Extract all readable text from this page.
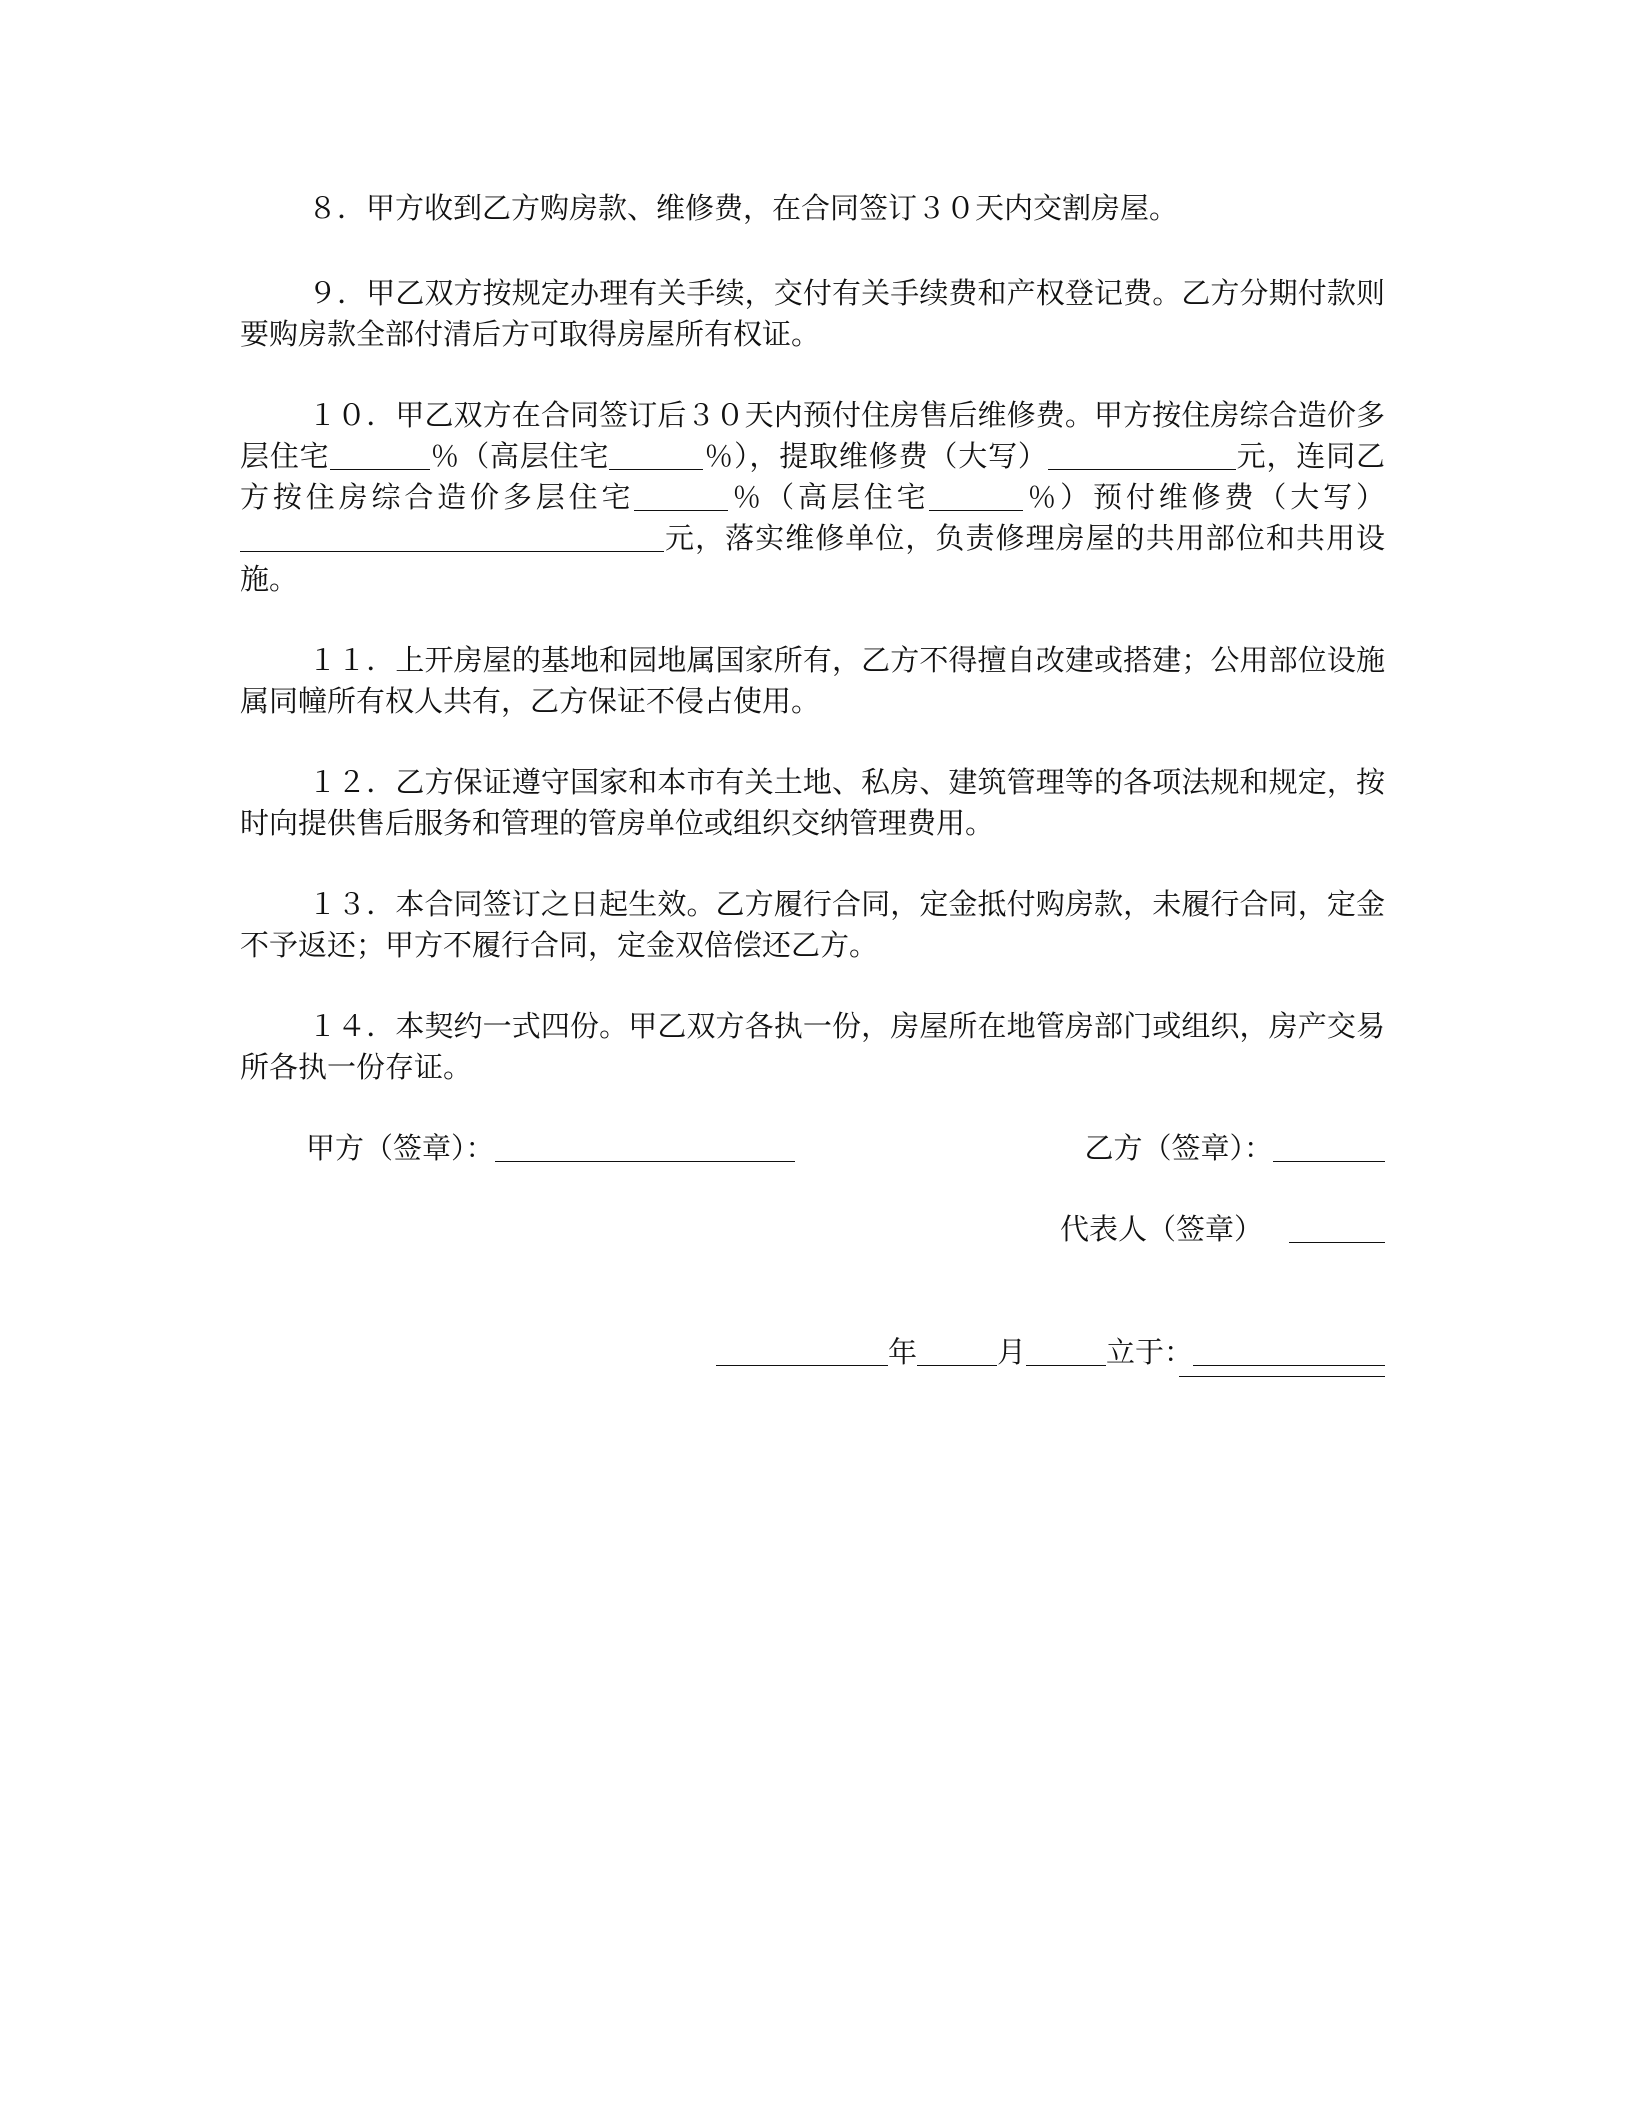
８．甲方收到乙方购房款、维修费，在合同签订３０天内交割房屋。

９．甲乙双方按规定办理有关手续，交付有关手续费和产权登记费。乙方分期付款则要购房款全部付清后方可取得房屋所有权证。

１０．甲乙双方在合同签订后３０天内预付住房售后维修费。甲方按住房综合造价多层住宅	％（高层住宅	％），提取维修费（大写）	元，连同乙方按住房综合造价多层住宅	％（高层住宅	％）预付维修费（大写）元，落实维修单位，负责修理房屋的共用部位和共用设施。

１１．上开房屋的基地和园地属国家所有，乙方不得擅自改建或搭建；公用部位设施属同幢所有权人共有，乙方保证不侵占使用。

１２．乙方保证遵守国家和本市有关土地、私房、建筑管理等的各项法规和规定，按时向提供售后服务和管理的管房单位或组织交纳管理费用。

１３．本合同签订之日起生效。乙方履行合同，定金抵付购房款，未履行合同，定金不予返还；甲方不履行合同，定金双倍偿还乙方。

１４．本契约一式四份。甲乙双方各执一份，房屋所在地管房部门或组织，房产交易所各执一份存证。

甲方（签章）：	乙方（签章）：
代表人（签章）
年	月	立于：
